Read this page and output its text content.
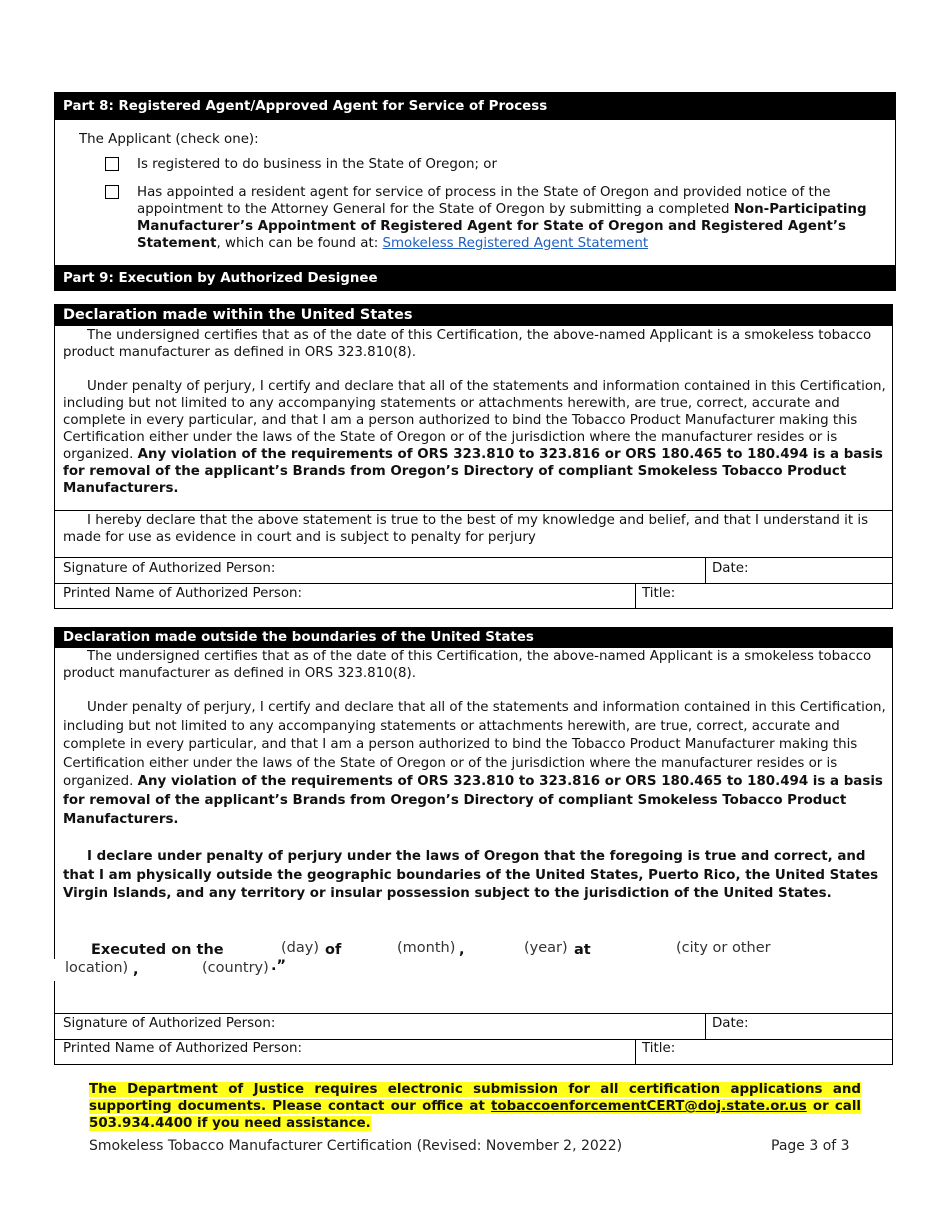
Part 8: Registered Agent/Approved Agent for Service of Process
The Applicant (check one):
Is registered to do business in the State of Oregon; or
Has appointed a resident agent for service of process in the State of Oregon and provided notice of the appointment to the Attorney General for the State of Oregon by submitting a completed Non-Participating Manufacturer’s Appointment of Registered Agent for State of Oregon and Registered Agent’s Statement, which can be found at: Smokeless Registered Agent Statement
Part 9: Execution by Authorized Designee
Declaration made within the United States
The undersigned certifies that as of the date of this Certification, the above-named Applicant is a smokeless tobacco product manufacturer as defined in ORS 323.810(8).
Under penalty of perjury, I certify and declare that all of the statements and information contained in this Certification, including but not limited to any accompanying statements or attachments herewith, are true, correct, accurate and complete in every particular, and that I am a person authorized to bind the Tobacco Product Manufacturer making this Certification either under the laws of the State of Oregon or of the jurisdiction where the manufacturer resides or is organized. Any violation of the requirements of ORS 323.810 to 323.816 or ORS 180.465 to 180.494 is a basis for removal of the applicant’s Brands from Oregon’s Directory of compliant Smokeless Tobacco Product Manufacturers.
I hereby declare that the above statement is true to the best of my knowledge and belief, and that I understand it is made for use as evidence in court and is subject to penalty for perjury
Signature of Authorized Person:	Date:
Printed Name of Authorized Person:	Title:
Declaration made outside the boundaries of the United States
The undersigned certifies that as of the date of this Certification, the above-named Applicant is a smokeless tobacco product manufacturer as defined in ORS 323.810(8).
Under penalty of perjury, I certify and declare that all of the statements and information contained in this Certification, including but not limited to any accompanying statements or attachments herewith, are true, correct, accurate and complete in every particular, and that I am a person authorized to bind the Tobacco Product Manufacturer making this Certification either under the laws of the State of Oregon or of the jurisdiction where the manufacturer resides or is organized. Any violation of the requirements of ORS 323.810 to 323.816 or ORS 180.465 to 180.494 is a basis for removal of the applicant’s Brands from Oregon’s Directory of compliant Smokeless Tobacco Product Manufacturers.
I declare under penalty of perjury under the laws of Oregon that the foregoing is true and correct, and that I am physically outside the geographic boundaries of the United States, Puerto Rico, the United States Virgin Islands, and any territory or insular possession subject to the jurisdiction of the United States.
Executed on the	(day) of	(month) ,	(year) at	(city or other
location) ,	(country) .”
Signature of Authorized Person:	Date:
Printed Name of Authorized Person:	Title:
The Department of Justice requires electronic submission for all certification applications and supporting documents. Please contact our office at tobaccoenforcementCERT@doj.state.or.us or call 503.934.4400 if you need assistance.
Smokeless Tobacco Manufacturer Certification (Revised: November 2, 2022)	Page 3 of 3
